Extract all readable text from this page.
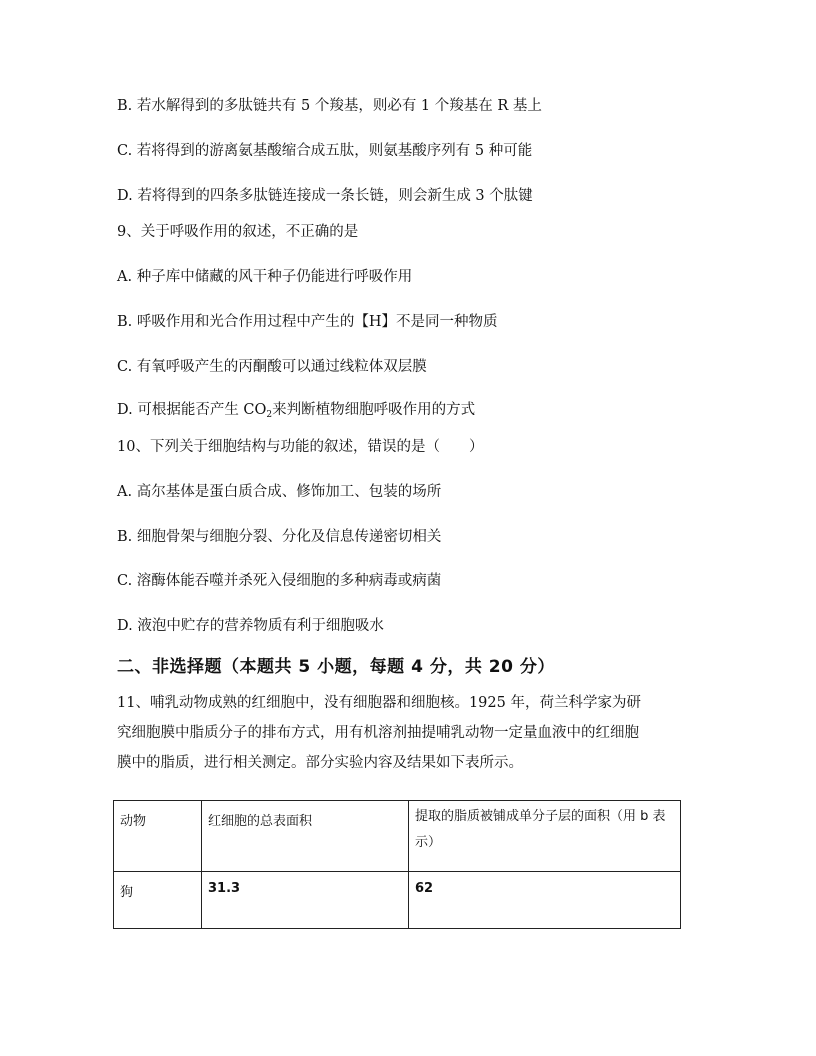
B. 若水解得到的多肽链共有 5 个羧基，则必有 1 个羧基在 R 基上
C. 若将得到的游离氨基酸缩合成五肽，则氨基酸序列有 5 种可能
D. 若将得到的四条多肽链连接成一条长链，则会新生成 3 个肽键
9、关于呼吸作用的叙述，不正确的是
A. 种子库中储藏的风干种子仍能进行呼吸作用
B. 呼吸作用和光合作用过程中产生的【H】不是同一种物质
C. 有氧呼吸产生的丙酮酸可以通过线粒体双层膜
D. 可根据能否产生 $CO_2$来判断植物细胞呼吸作用的方式
10、下列关于细胞结构与功能的叙述，错误的是（　　）
A. 高尔基体是蛋白质合成、修饰加工、包装的场所
B. 细胞骨架与细胞分裂、分化及信息传递密切相关
C. 溶酶体能吞噬并杀死入侵细胞的多种病毒或病菌
D. 液泡中贮存的营养物质有利于细胞吸水
二、非选择题（本题共 5 小题，每题 4 分，共 20 分）
11、哺乳动物成熟的红细胞中，没有细胞器和细胞核。1925 年，荷兰科学家为研
究细胞膜中脂质分子的排布方式，用有机溶剂抽提哺乳动物一定量血液中的红细胞
膜中的脂质，进行相关测定。部分实验内容及结果如下表所示。
动物	红细胞的总表面积	提取的脂质被铺成单分子层的面积（用 b 表示）
狗	31.3	62
